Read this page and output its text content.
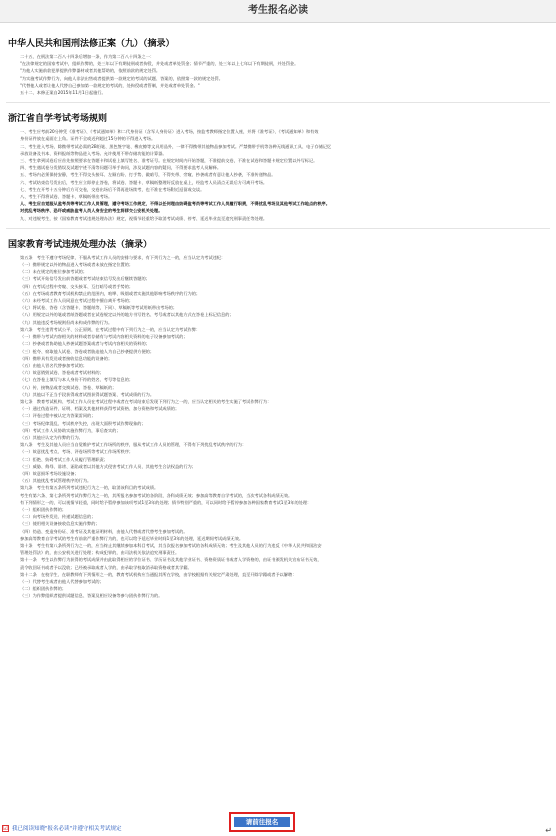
考生报名必读
中华人民共和国刑法修正案（九）（摘录）

二十五、在刑法第二百八十四条后增加一条，作为第二百八十四条之一：

"在法律规定的国家考试中，组织作弊的，处三年以下有期徒刑或者拘役，并处或者单处罚金；情节严重的，处三年以上七年以下有期徒刑，并处罚金。

"为他人实施前款犯罪提供作弊器材或者其他帮助的，依照前款的规定处罚。

"为实施考试作弊行为，向他人非法出售或者提供第一款规定的考试的试题、答案的，依照第一款的规定处罚。

"代替他人或者让他人代替自己参加第一款规定的考试的，处拘役或者管制，并处或者单处罚金。"

五十二、本修正案自2015年11月1日起施行。

浙江省自学考试考场规则

一、考生应考前20分钟凭《准考证》、《考试通知单》和二代身份证（含军人身份证）进入考场，按监考教师指定位置入座，并将《准考证》、《考试通知单》和有效

身份证件放在桌面左上角。证件不全或迟到超过15分钟的不得进入考场。

二、考生进入考场，除携带考试必需的2B铅笔、黑色签字笔、橡皮擦等文具用品外，一律不得携带其他物品参加考试。严禁携带手机等各种无线通讯工具、电子存储记忆

录放设备及书本、资料报纸等物品进入考场。允许使用不带存储功能的计算器。

三、考生拿到试卷后应首先按照要求在答题卡和试卷上填写姓名、准考证号。在规定时间内开始答题，不准提前交卷，不准在试卷和答题卡规定位置以外写标记。

四、考生遇试卷分发错误及试题字迹不清等问题可举手询问，涉及试题内容的疑问，不得要求监考人员解释。

五、考场内必须保持安静，考生不得交头接耳、左顾右盼、打手势、做暗号，不得夹带、旁窥、抄袭或者有意让他人抄袭，不准传递物品。

六、考试结束信号发出后，考生应立即停止答卷，将试卷、答题卡、草稿纸整理好反放在桌上，经监考人员清点无误后方可离开考场。

七、考生在开考十五分钟后方可交卷，交卷出场后不得再进场续考，也不准在考场附近逗留或交谈。

八、考生不得将试卷、答题卡、草稿纸带出考场。

人、考生应自觉服从监考员等考试工作人员管理，遵守考场工作规定，不得以任何理由妨碍监考员等考试工作人员履行职责，不得扰乱考场及其他考试工作地点的秩序。

对扰乱考场秩序、恐吓或威胁监考人员人身安全的考生将移交公安机关处理。

九、对违规考生，按《国家教育考试违规处理办法》规定，视情节轻重给予取消考试成绩、停考、延迟毕业直至追究刑事责任等处理。

国家教育考试违规处理办法（摘录）

第五条　考生不遵守考场纪律，不服从考试工作人员的安排与要求，有下列行为之一的，应当认定为考试违纪：

（一）携带规定以外的物品进入考场或者未放在指定位置的；

（二）未在规定的座位参加考试的；

（三）考试开始信号发出前答题或者考试结束信号发出后继续答题的；

（四）在考试过程中旁窥、交头接耳、互打暗号或者手势的；

（五）在考场或者教育考试机构禁止的范围内，喧哗、吸烟或者实施其他影响考场秩序的行为的；

（六）未经考试工作人员同意在考试过程中擅自离开考场的；

（七）将试卷、答卷（含答题卡、答题纸等，下同）、草稿纸等考试用纸带出考场的；

（八）用规定以外的笔或者纸答题或者在试卷规定以外的地方书写姓名、考号或者以其他方式在答卷上标记信息的；

（九）其他违反考场规则但尚未构成作弊的行为。

第六条　考生违背考试公平、公正原则，在考试过程中有下列行为之一的，应当认定为考试作弊：

（一）携带与考试内容相关的材料或者存储有与考试内容相关资料的电子设备参加考试的；

（二）抄袭或者协助他人抄袭试题答案或者与考试内容相关的资料的；

（三）抢夺、窃取他人试卷、答卷或者胁迫他人为自己抄袭提供方便的；

（四）携带具有发送或者接收信息功能的设备的；

（五）由他人冒名代替参加考试的；

（六）故意销毁试卷、答卷或者考试材料的；

（七）在答卷上填写与本人身份不符的姓名、考号等信息的；

（八）传、接物品或者交换试卷、答卷、草稿纸的；

（九）其他以不正当手段获得或者试图获得试题答案、考试成绩的行为。

第七条　教育考试机构、考试工作人员在考试过程中或者在考试结束后发现下列行为之一的，应当认定相关的考生实施了考试作弊行为：

（一）通过伪造证件、证明、档案及其他材料获得考试资格、加分资格和考试成绩的；

（二）评卷过程中被认定为答案雷同的；

（三）考场纪律混乱、考试秩序失控，出现大面积考试作弊现象的；

（四）考试工作人员协助实施作弊行为，事后查实的；

（五）其他应认定为作弊的行为。

第八条　考生及其他人员应当自觉维护考试工作场所的秩序，服从考试工作人员的管理，不得有下列扰乱考试秩序的行为：

（一）故意扰乱考点、考场、评卷场所等考试工作场所秩序；

（二）拒绝、妨碍考试工作人员履行管理职责；

（三）威胁、侮辱、诽谤、诬陷或者以其他方式侵害考试工作人员、其他考生合法权益的行为；

（四）故意损坏考场设施设备；

（五）其他扰乱考试管理秩序的行为。

第九条　考生有第五条所列考试违纪行为之一的，取消该科目的考试成绩。

考生有第六条、第七条所列考试作弊行为之一的，其所报名参加考试的各阶段、各科成绩无效；参加高等教育自学考试的，当次考试各科成绩无效。

有下列情形之一的，可以视情节轻重，同时给予暂停参加该项考试1至3年的处理；情节特别严重的，可以同时给予暂停参加各种国家教育考试1至3年的处理：

（一）组织团伙作弊的；

（二）向考场外发送、传递试题信息的；

（三）使用相关设备接收信息实施作弊的；

（四）伪造、变造身份证、准考证及其他证明材料，由他人代替或者代替考生参加考试的。

参加高等教育自学考试的考生有前款严重作弊行为的，也可以给予延迟毕业时间1至3年的处理，延迟期间考试成绩无效。

第十条　考生有第八条所列行为之一的，应当终止其继续参加本科目考试，其当次报名参加考试的各科成绩无效；考生及其他人员的行为违反《中华人民共和国治安

管理处罚法》的，由公安机关进行处理；构成犯罪的，由司法机关依法追究刑事责任。

第十一条　考生以作弊行为获得的考试成绩并由此取得相应的学位证书、学历证书及其他学业证书、资格资质证书或者入学资格的，由证书颁发机关宣布证书无效，

责令收回证书或者予以没收；已经被录取或者入学的，由录取学校取消录取资格或者其学籍。

第十二条　在校学生、在职教师有下列情形之一的，教育考试机构应当通报其所在学校，由学校根据有关规定严肃处理，直至开除学籍或者予以解聘：

（一）代替考生或者由他人代替参加考试的；

（二）组织团伙作弊的；

（三）为作弊组织者提供试题信息、答案及相应设备等参与团伙作弊行为的。

☑ 我已阅读知晓"报名必读"并遵守相关考试规定
请前往报名
↵
